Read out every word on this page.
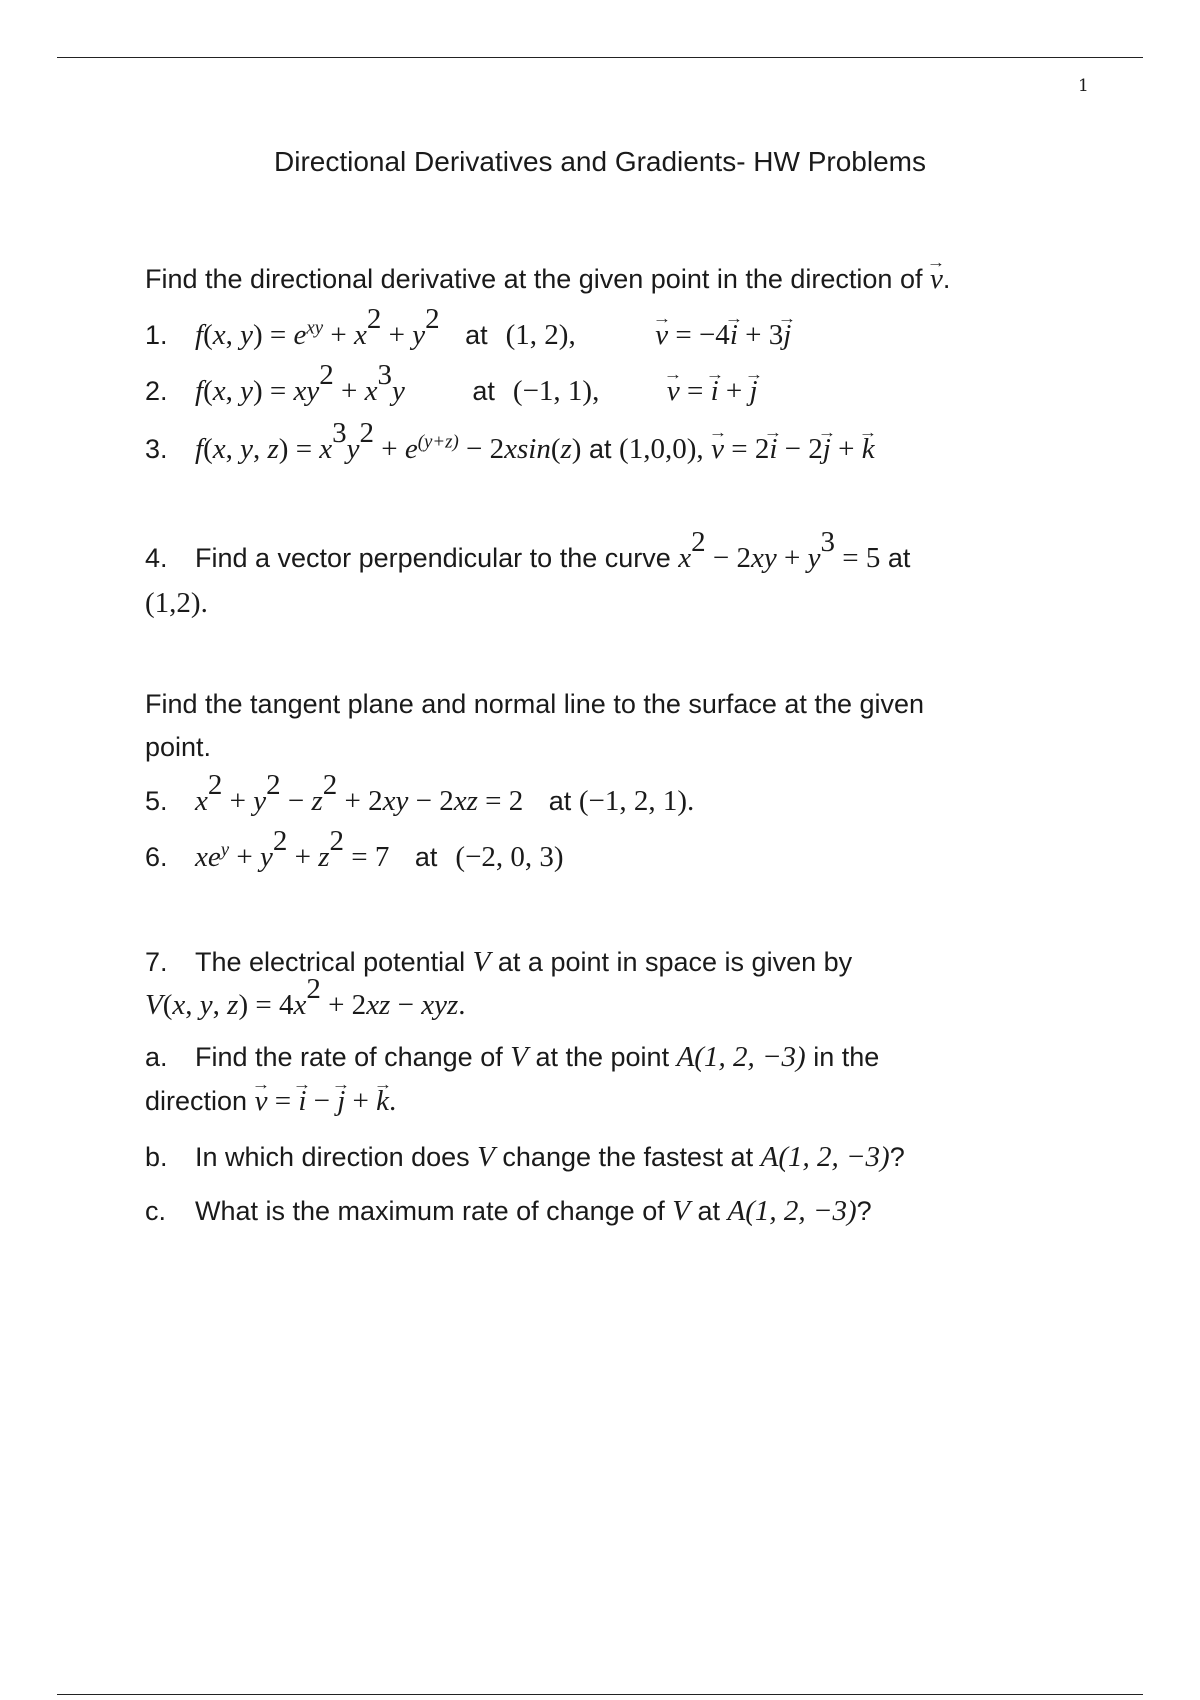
1
Directional Derivatives and Gradients- HW Problems
Find the directional derivative at the given point in the direction of → v.
1. f(x, $y) = e^{xy} + x^2 + y^2$ at (1, 2),	→ v = −4→ i + 3→ j
2. f(x, $y) = xy^2 + x^3y$	at (−1, 1), → v = → i + → j
3. f(x, y, $z) = x^3y^2 + e^{(y+z)} - 2xsin(z)$ at (1,0,0), → v = 2→ i − 2→ j + → k
4. Find a vector perpendicular to the curve $x^2 - 2xy + y^3 = 5$ at
(1,2).
Find the tangent plane and normal line to the surface at the given
point.
5. $x^2 + y^2 - z^2 + 2xy - 2xz = 2$ at (−1, 2, 1).
6. $xe^y + y^2 + z^2 = 7$ at (−2, 0, 3)
7. The electrical potential V at a point in space is given by
V(x, y, $z) = 4x^2 + 2xz$ − xyz.
a. Find the rate of change of V at the point A(1, 2, −3) in the
direction → v = → i − → j + → k.
b. In which direction does V change the fastest at A(1, 2, −3)?
c. What is the maximum rate of change of V at A(1, 2, −3)?
